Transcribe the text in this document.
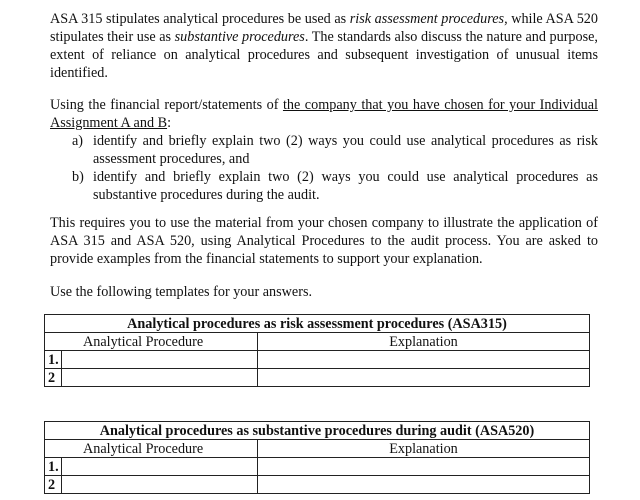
ASA 315 stipulates analytical procedures be used as risk assessment procedures, while ASA 520 stipulates their use as substantive procedures. The standards also discuss the nature and purpose, extent of reliance on analytical procedures and subsequent investigation of unusual items identified.

Using the financial report/statements of the company that you have chosen for your Individual Assignment A and B:

a) identify and briefly explain two (2) ways you could use analytical procedures as risk assessment procedures, and
b) identify and briefly explain two (2) ways you could use analytical procedures as substantive procedures during the audit.

This requires you to use the material from your chosen company to illustrate the application of ASA 315 and ASA 520, using Analytical Procedures to the audit process. You are asked to provide examples from the financial statements to support your explanation.

Use the following templates for your answers.

Analytical procedures as risk assessment procedures (ASA315)		
Analytical Procedure		Explanation
1.		
2		
Analytical procedures as substantive procedures during audit (ASA520)		
Analytical Procedure		Explanation
1.		
2		
